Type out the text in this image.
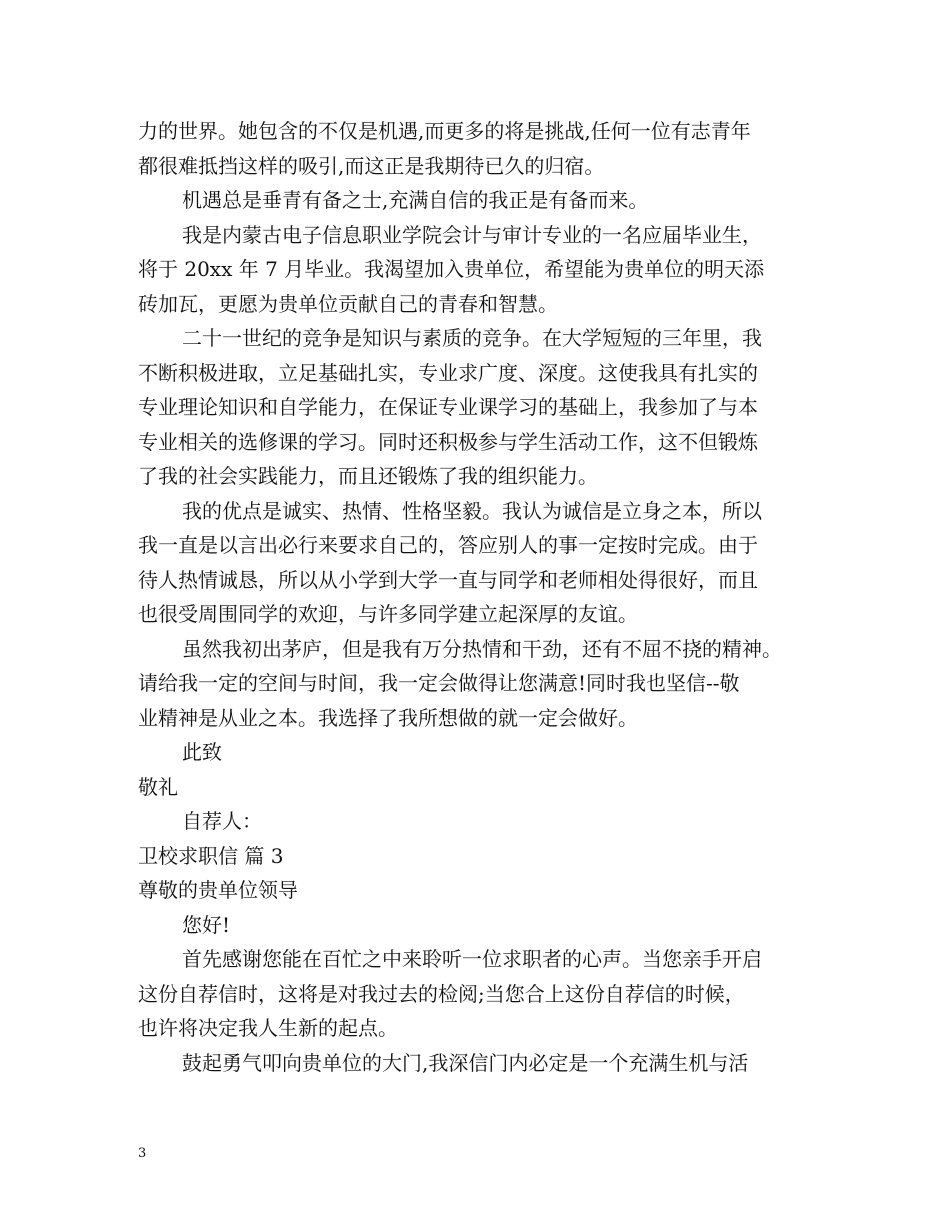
力的世界。她包含的不仅是机遇,而更多的将是挑战,任何一位有志青年
都很难抵挡这样的吸引,而这正是我期待已久的归宿。
机遇总是垂青有备之士,充满自信的我正是有备而来。
我是内蒙古电子信息职业学院会计与审计专业的一名应届毕业生，
将于 20xx 年 7 月毕业。我渴望加入贵单位，希望能为贵单位的明天添
砖加瓦，更愿为贵单位贡献自己的青春和智慧。
二十一世纪的竞争是知识与素质的竞争。在大学短短的三年里，我
不断积极进取，立足基础扎实，专业求广度、深度。这使我具有扎实的
专业理论知识和自学能力，在保证专业课学习的基础上，我参加了与本
专业相关的选修课的学习。同时还积极参与学生活动工作，这不但锻炼
了我的社会实践能力，而且还锻炼了我的组织能力。
我的优点是诚实、热情、性格坚毅。我认为诚信是立身之本，所以
我一直是以言出必行来要求自己的，答应别人的事一定按时完成。由于
待人热情诚恳，所以从小学到大学一直与同学和老师相处得很好，而且
也很受周围同学的欢迎，与许多同学建立起深厚的友谊。
虽然我初出茅庐，但是我有万分热情和干劲，还有不屈不挠的精神。
请给我一定的空间与时间，我一定会做得让您满意!同时我也坚信--敬
业精神是从业之本。我选择了我所想做的就一定会做好。
此致
敬礼
自荐人：
卫校求职信 篇 3
尊敬的贵单位领导
您好!
首先感谢您能在百忙之中来聆听一位求职者的心声。当您亲手开启
这份自荐信时，这将是对我过去的检阅;当您合上这份自荐信的时候，
也许将决定我人生新的起点。
鼓起勇气叩向贵单位的大门,我深信门内必定是一个充满生机与活
3
